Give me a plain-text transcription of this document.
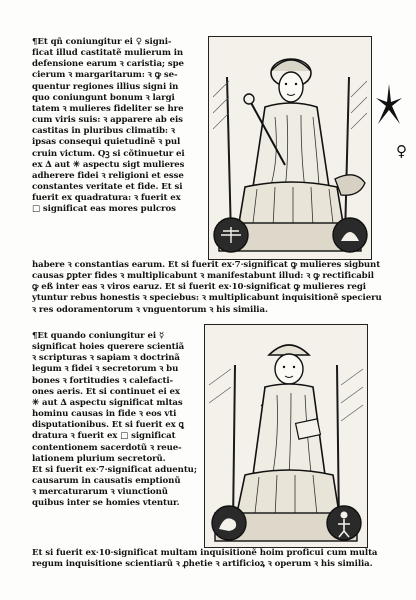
¶Et qñ coniungitur ei ♀ signi-
ficat illud castitatẽ mulierum in
defensione earum ꝛ caristia; spe
cierum ꝛ margaritarum: ꝛ ꝙ se-
quentur regiones illius signi in
quo coniungunt bonum ꝛ largi
tatem ꝛ mulieres fideliter se hre
cum viris suis: ꝛ apparere ab eis
castitas in pluribus climatib: ꝛ
ipsas consequi quietudinẽ ꝛ pul
cruin victum. Qꝫ si cõtinuetur ei
ex ∆ aut ✳ aspectu sigt mulieres
adherere fidei ꝛ religioni et esse
constantes veritate et fide. Et si
fuerit ex quadratura: ꝛ fuerit ex
□ significat eas mores pulcros
♀
habere ꝛ constantias earum. Et si fuerit ex·7·significat ꝙ mulieres sigbunt
causas ꝑpter fides ꝛ multiplicabunt ꝛ manifestabunt illud: ꝛ ꝙ rectificabil
ꝙ eß inter eas ꝛ viros earuz. Et si fuerit ex·10·significat ꝙ mulieres regi
ytuntur rebus honestis ꝛ speciebus: ꝛ multiplicabunt inquisitionẽ specieru
ꝛ res odoramentorum ꝛ vnguentorum ꝛ his similia.
¶Et quando coniungitur ei ☿
significat hoies querere scientiã
ꝛ scripturas ꝛ sapiam ꝛ doctrinã
legum ꝛ fidei ꝛ secretorum ꝛ bu
bones ꝛ fortitudies ꝛ calefacti-
ones aeris. Et si continuet ei ex
✳ aut ∆ aspectu significat mltas
hominu causas in fide ꝛ eos vti
disputationibus. Et si fuerit ex ꝗ
dratura ꝛ fuerit ex □ significat
contentionem sacerdotũ ꝛ reue-
lationem plurium secretorũ.
Et si fuerit ex·7·significat aduentu;
causarum in causatis emptionũ
ꝛ mercaturarum ꝛ viunctionũ
quibus inter se homies vtentur.
Et si fuerit ex·10·significat multam inquisitionẽ hoim proficui cum multa
regum inquisitione scientiarũ ꝛ ꝓhetie ꝛ artificioꝝ ꝛ operum ꝛ his similia.
